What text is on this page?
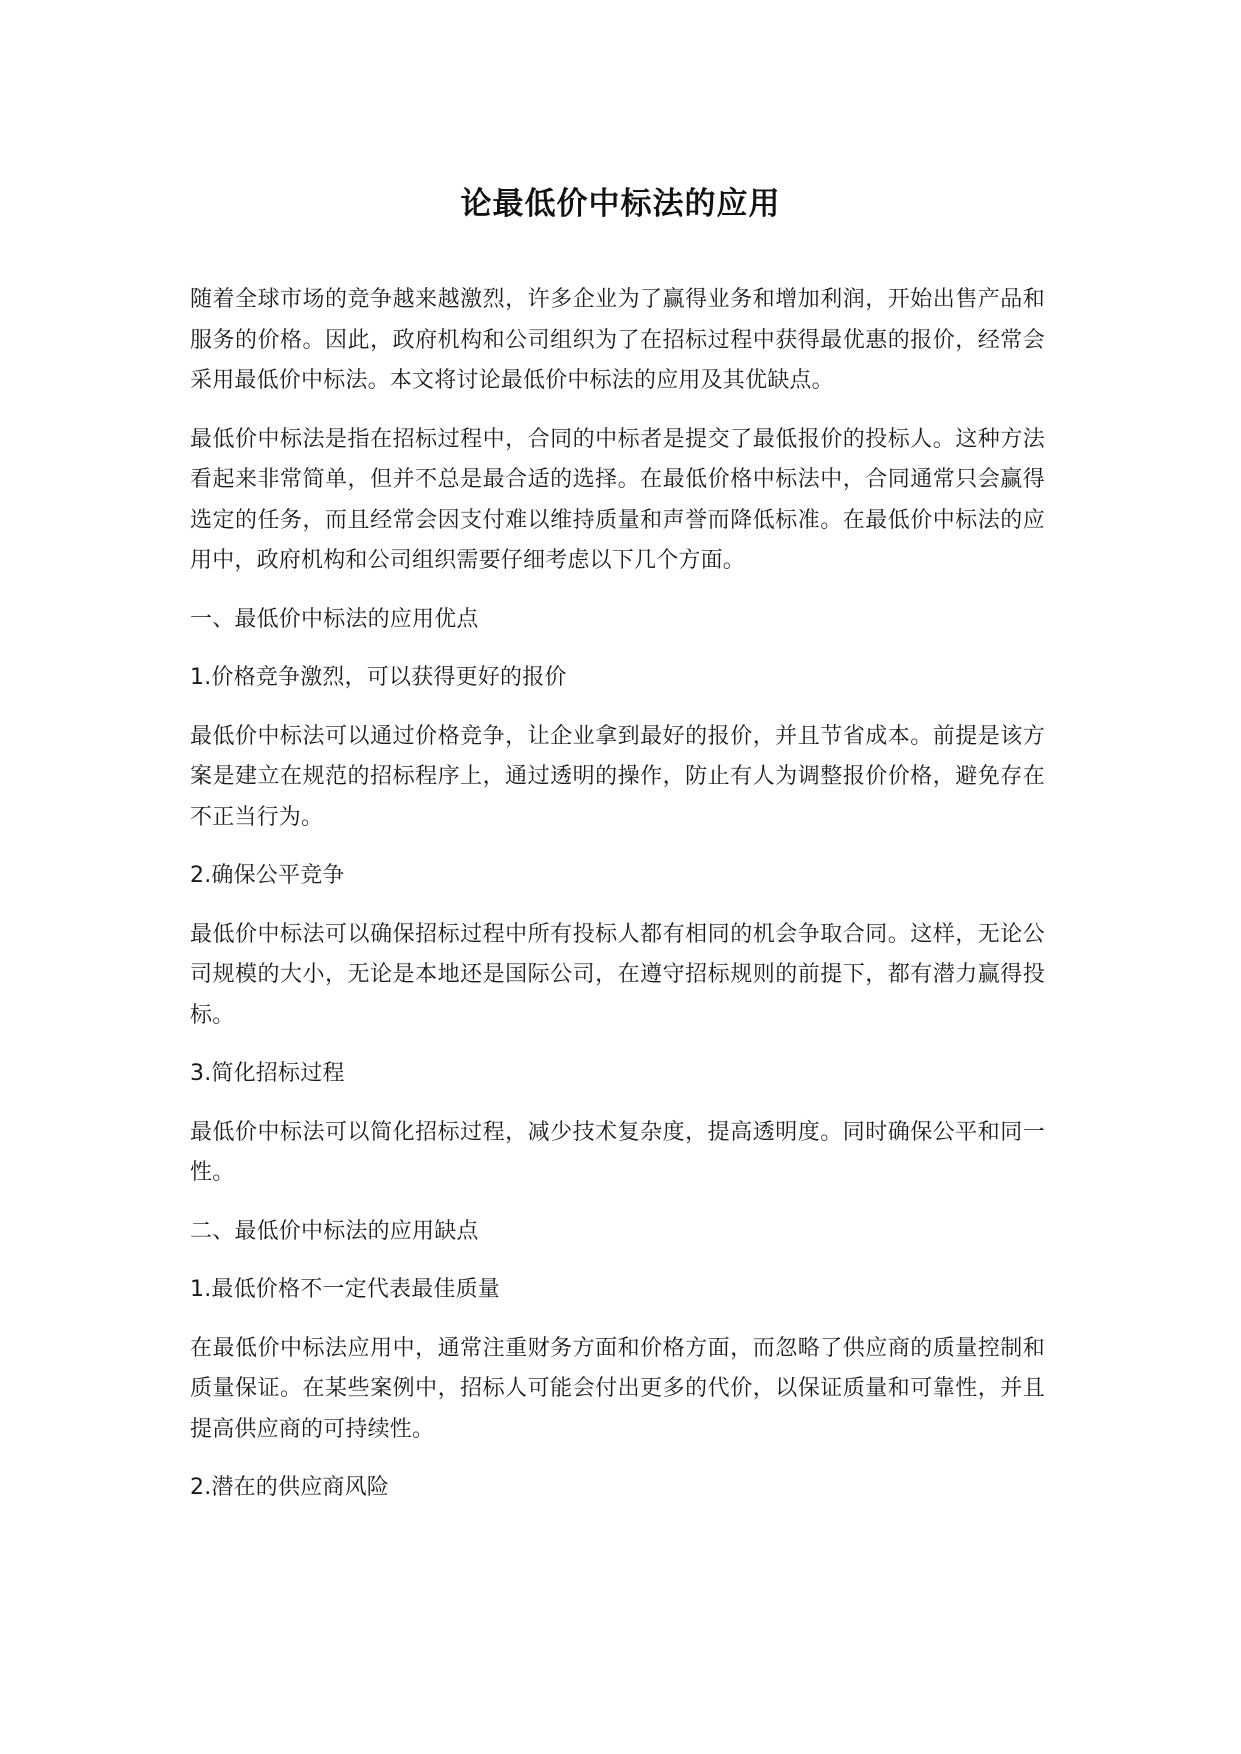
论最低价中标法的应用

随着全球市场的竞争越来越激烈，许多企业为了赢得业务和增加利润，开始出售产品和服务的价格。因此，政府机构和公司组织为了在招标过程中获得最优惠的报价，经常会采用最低价中标法。本文将讨论最低价中标法的应用及其优缺点。

最低价中标法是指在招标过程中，合同的中标者是提交了最低报价的投标人。这种方法看起来非常简单，但并不总是最合适的选择。在最低价格中标法中，合同通常只会赢得选定的任务，而且经常会因支付难以维持质量和声誉而降低标准。在最低价中标法的应用中，政府机构和公司组织需要仔细考虑以下几个方面。

一、最低价中标法的应用优点

1.价格竞争激烈，可以获得更好的报价

最低价中标法可以通过价格竞争，让企业拿到最好的报价，并且节省成本。前提是该方案是建立在规范的招标程序上，通过透明的操作，防止有人为调整报价价格，避免存在不正当行为。

2.确保公平竞争

最低价中标法可以确保招标过程中所有投标人都有相同的机会争取合同。这样，无论公司规模的大小，无论是本地还是国际公司，在遵守招标规则的前提下，都有潜力赢得投标。

3.简化招标过程

最低价中标法可以简化招标过程，减少技术复杂度，提高透明度。同时确保公平和同一性。

二、最低价中标法的应用缺点

1.最低价格不一定代表最佳质量

在最低价中标法应用中，通常注重财务方面和价格方面，而忽略了供应商的质量控制和质量保证。在某些案例中，招标人可能会付出更多的代价，以保证质量和可靠性，并且提高供应商的可持续性。

2.潜在的供应商风险
